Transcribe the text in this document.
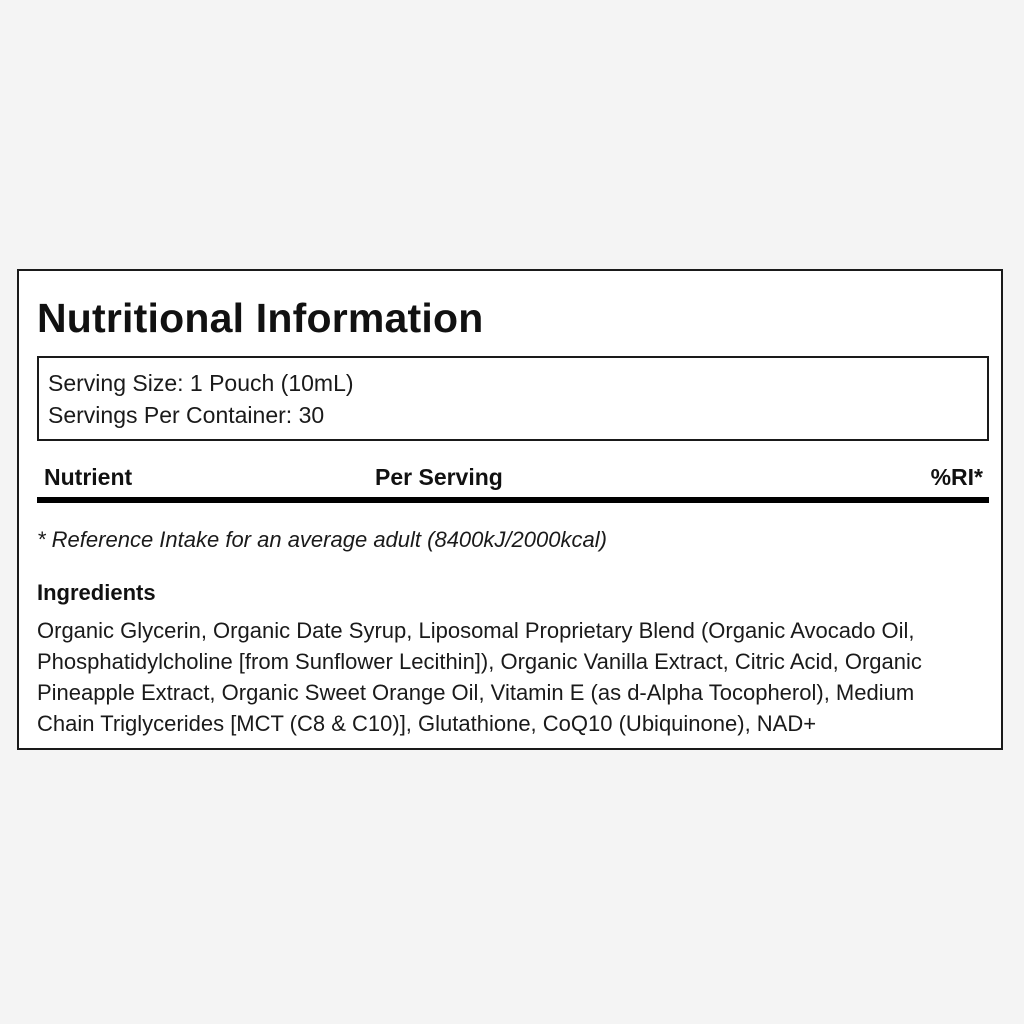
Nutritional Information
Serving Size: 1 Pouch (10mL)
Servings Per Container: 30
Nutrient	Per Serving	%RI*
* Reference Intake for an average adult (8400kJ/2000kcal)
Ingredients
Organic Glycerin, Organic Date Syrup, Liposomal Proprietary Blend (Organic Avocado Oil,
Phosphatidylcholine [from Sunflower Lecithin]), Organic Vanilla Extract, Citric Acid, Organic
Pineapple Extract, Organic Sweet Orange Oil, Vitamin E (as d-Alpha Tocopherol), Medium
Chain Triglycerides [MCT (C8 & C10)], Glutathione, CoQ10 (Ubiquinone), NAD+
